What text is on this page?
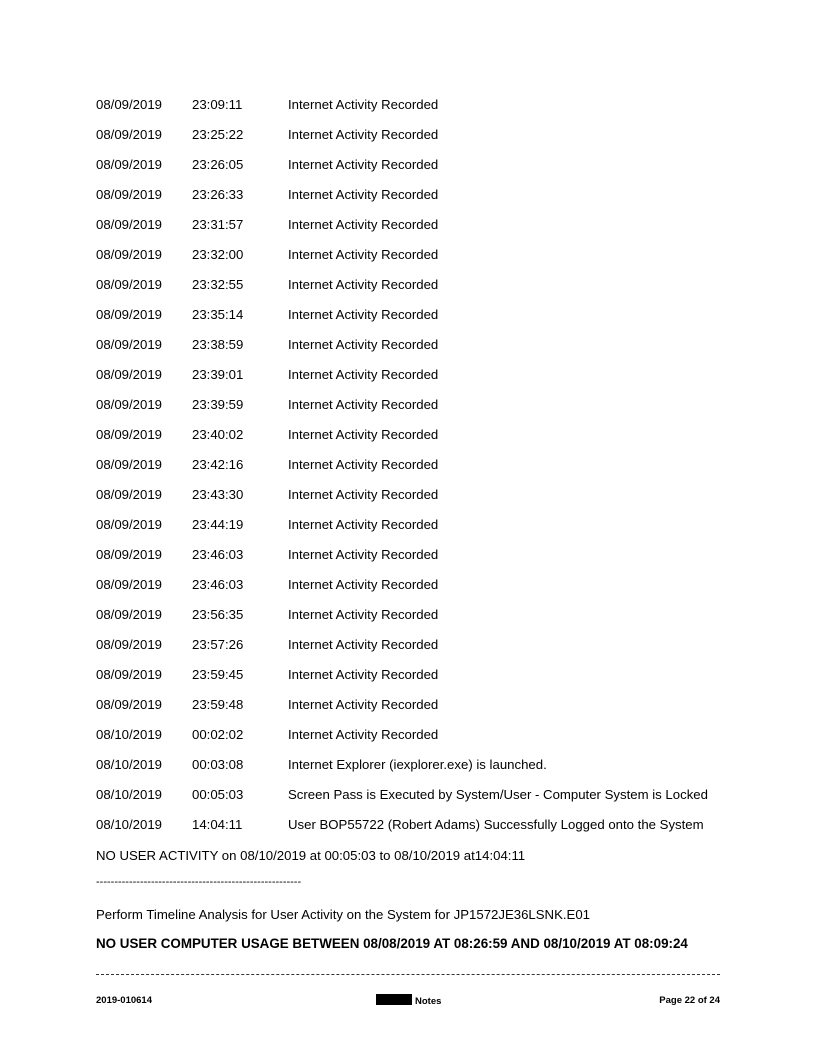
08/09/2019 23:09:11	Internet Activity Recorded
08/09/2019 23:25:22	Internet Activity Recorded
08/09/2019 23:26:05	Internet Activity Recorded
08/09/2019 23:26:33	Internet Activity Recorded
08/09/2019 23:31:57	Internet Activity Recorded
08/09/2019 23:32:00	Internet Activity Recorded
08/09/2019 23:32:55	Internet Activity Recorded
08/09/2019 23:35:14	Internet Activity Recorded
08/09/2019 23:38:59	Internet Activity Recorded
08/09/2019 23:39:01	Internet Activity Recorded
08/09/2019 23:39:59	Internet Activity Recorded
08/09/2019 23:40:02	Internet Activity Recorded
08/09/2019 23:42:16	Internet Activity Recorded
08/09/2019 23:43:30	Internet Activity Recorded
08/09/2019 23:44:19	Internet Activity Recorded
08/09/2019 23:46:03	Internet Activity Recorded
08/09/2019 23:46:03	Internet Activity Recorded
08/09/2019 23:56:35	Internet Activity Recorded
08/09/2019 23:57:26	Internet Activity Recorded
08/09/2019 23:59:45	Internet Activity Recorded
08/09/2019 23:59:48	Internet Activity Recorded
08/10/2019 00:02:02	Internet Activity Recorded
08/10/2019 00:03:08	Internet Explorer (iexplorer.exe) is launched.
08/10/2019 00:05:03	Screen Pass is Executed by System/User - Computer System is Locked
08/10/2019 14:04:11	User BOP55722 (Robert Adams) Successfully Logged onto the System
NO USER ACTIVITY on 08/10/2019 at 00:05:03 to 08/10/2019 at14:04:11
--------------------------------------------------------
Perform Timeline Analysis for User Activity on the System for JP1572JE36LSNK.E01
NO USER COMPUTER USAGE BETWEEN 08/08/2019 AT 08:26:59 AND 08/10/2019 AT 08:09:24
2019-010614	Notes	Page 22 of 24
